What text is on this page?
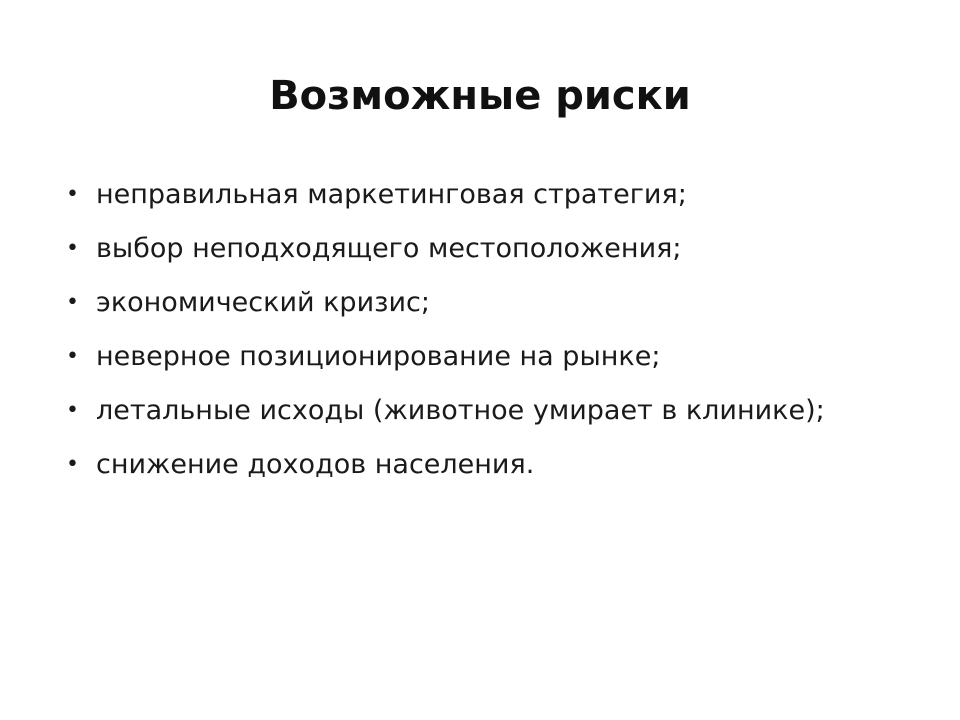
Возможные риски
• неправильная маркетинговая стратегия;
• выбор неподходящего местоположения;
• экономический кризис;
• неверное позиционирование на рынке;
• летальные исходы (животное умирает в клинике);
• снижение доходов населения.
